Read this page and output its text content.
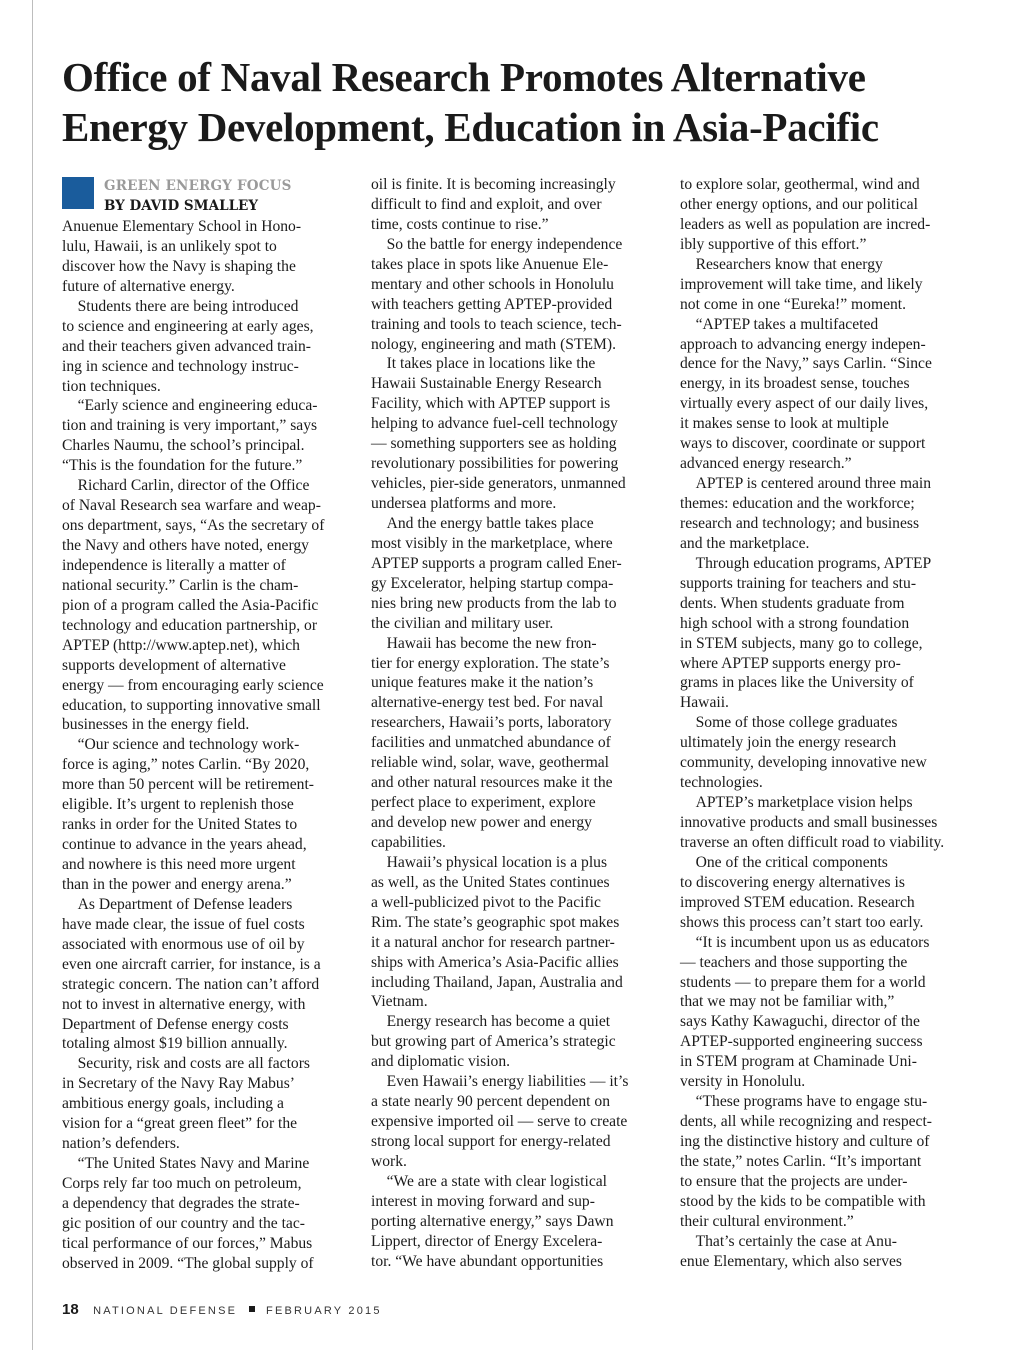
Office of Naval Research Promotes Alternative
Energy Development, Education in Asia-Pacific
GREEN ENERGY FOCUS
BY DAVID SMALLEY
Anuenue Elementary School in Hono-
lulu, Hawaii, is an unlikely spot to
discover how the Navy is shaping the
future of alternative energy.
 Students there are being introduced
to science and engineering at early ages,
and their teachers given advanced train-
ing in science and technology instruc-
tion techniques.
 “Early science and engineering educa-
tion and training is very important,” says
Charles Naumu, the school’s principal.
“This is the foundation for the future.”
 Richard Carlin, director of the Office
of Naval Research sea warfare and weap-
ons department, says, “As the secretary of
the Navy and others have noted, energy
independence is literally a matter of
national security.” Carlin is the cham-
pion of a program called the Asia-Pacific
technology and education partnership, or
APTEP (http://www.aptep.net), which
supports development of alternative
energy — from encouraging early science
education, to supporting innovative small
businesses in the energy field.
 “Our science and technology work-
force is aging,” notes Carlin. “By 2020,
more than 50 percent will be retirement-
eligible. It’s urgent to replenish those
ranks in order for the United States to
continue to advance in the years ahead,
and nowhere is this need more urgent
than in the power and energy arena.”
 As Department of Defense leaders
have made clear, the issue of fuel costs
associated with enormous use of oil by
even one aircraft carrier, for instance, is a
strategic concern. The nation can’t afford
not to invest in alternative energy, with
Department of Defense energy costs
totaling almost $19 billion annually.
 Security, risk and costs are all factors
in Secretary of the Navy Ray Mabus’
ambitious energy goals, including a
vision for a “great green fleet” for the
nation’s defenders.
 “The United States Navy and Marine
Corps rely far too much on petroleum,
a dependency that degrades the strate-
gic position of our country and the tac-
tical performance of our forces,” Mabus
observed in 2009. “The global supply of
oil is finite. It is becoming increasingly
difficult to find and exploit, and over
time, costs continue to rise.”
 So the battle for energy independence
takes place in spots like Anuenue Ele-
mentary and other schools in Honolulu
with teachers getting APTEP-provided
training and tools to teach science, tech-
nology, engineering and math (STEM).
 It takes place in locations like the
Hawaii Sustainable Energy Research
Facility, which with APTEP support is
helping to advance fuel-cell technology
— something supporters see as holding
revolutionary possibilities for powering
vehicles, pier-side generators, unmanned
undersea platforms and more.
 And the energy battle takes place
most visibly in the marketplace, where
APTEP supports a program called Ener-
gy Excelerator, helping startup compa-
nies bring new products from the lab to
the civilian and military user.
 Hawaii has become the new fron-
tier for energy exploration. The state’s
unique features make it the nation’s
alternative-energy test bed. For naval
researchers, Hawaii’s ports, laboratory
facilities and unmatched abundance of
reliable wind, solar, wave, geothermal
and other natural resources make it the
perfect place to experiment, explore
and develop new power and energy
capabilities.
 Hawaii’s physical location is a plus
as well, as the United States continues
a well-publicized pivot to the Pacific
Rim. The state’s geographic spot makes
it a natural anchor for research partner-
ships with America’s Asia-Pacific allies
including Thailand, Japan, Australia and
Vietnam.
 Energy research has become a quiet
but growing part of America’s strategic
and diplomatic vision.
 Even Hawaii’s energy liabilities — it’s
a state nearly 90 percent dependent on
expensive imported oil — serve to create
strong local support for energy-related
work.
 “We are a state with clear logistical
interest in moving forward and sup-
porting alternative energy,” says Dawn
Lippert, director of Energy Excelera-
tor. “We have abundant opportunities
to explore solar, geothermal, wind and
other energy options, and our political
leaders as well as population are incred-
ibly supportive of this effort.”
 Researchers know that energy
improvement will take time, and likely
not come in one “Eureka!” moment.
 “APTEP takes a multifaceted
approach to advancing energy indepen-
dence for the Navy,” says Carlin. “Since
energy, in its broadest sense, touches
virtually every aspect of our daily lives,
it makes sense to look at multiple
ways to discover, coordinate or support
advanced energy research.”
 APTEP is centered around three main
themes: education and the workforce;
research and technology; and business
and the marketplace.
 Through education programs, APTEP
supports training for teachers and stu-
dents. When students graduate from
high school with a strong foundation
in STEM subjects, many go to college,
where APTEP supports energy pro-
grams in places like the University of
Hawaii.
 Some of those college graduates
ultimately join the energy research
community, developing innovative new
technologies.
 APTEP’s marketplace vision helps
innovative products and small businesses
traverse an often difficult road to viability.
 One of the critical components
to discovering energy alternatives is
improved STEM education. Research
shows this process can’t start too early.
 “It is incumbent upon us as educators
— teachers and those supporting the
students — to prepare them for a world
that we may not be familiar with,”
says Kathy Kawaguchi, director of the
APTEP-supported engineering success
in STEM program at Chaminade Uni-
versity in Honolulu.
 “These programs have to engage stu-
dents, all while recognizing and respect-
ing the distinctive history and culture of
the state,” notes Carlin. “It’s important
to ensure that the projects are under-
stood by the kids to be compatible with
their cultural environment.”
 That’s certainly the case at Anu-
enue Elementary, which also serves
18 NATIONAL DEFENSE	FEBRUARY 2015
